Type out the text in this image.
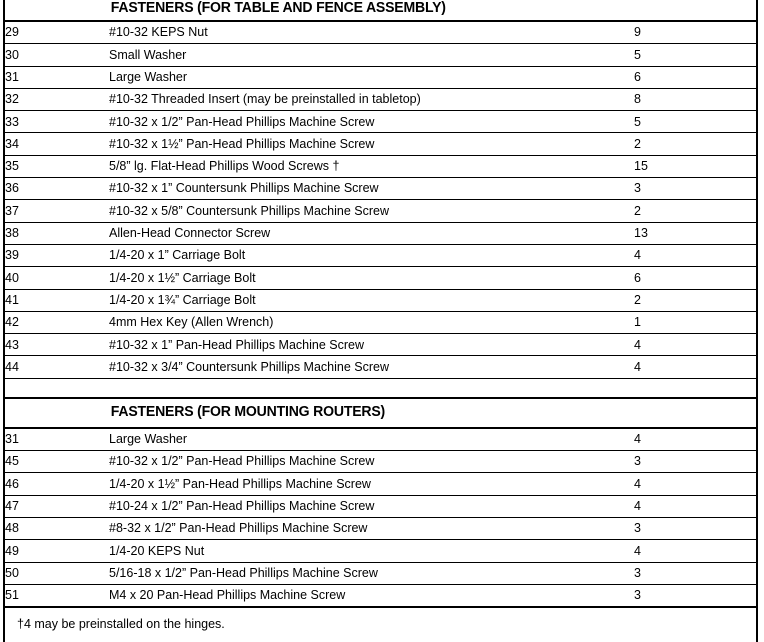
FASTENERS (FOR TABLE AND FENCE ASSEMBLY)		

29	#10-32 KEPS Nut	9
30	Small Washer	5
31	Large Washer	6
32	#10-32 Threaded Insert (may be preinstalled in tabletop)	8
33	#10-32 x 1/2” Pan-Head Phillips Machine Screw	5
34	#10-32 x 1½” Pan-Head Phillips Machine Screw	2
35	5/8” lg. Flat-Head Phillips Wood Screws †	15
36	#10-32 x 1” Countersunk Phillips Machine Screw	3
37	#10-32 x 5/8” Countersunk Phillips Machine Screw	2
38	Allen-Head Connector Screw	13
39	1/4-20 x 1” Carriage Bolt	4
40	1/4-20 x 1½” Carriage Bolt	6
41	1/4-20 x 1¾” Carriage Bolt	2
42	4mm Hex Key (Allen Wrench)	1
43	#10-32 x 1” Pan-Head Phillips Machine Screw	4
44	#10-32 x 3/4” Countersunk Phillips Machine Screw	4

FASTENERS (FOR MOUNTING ROUTERS)		

31	Large Washer	4
45	#10-32 x 1/2” Pan-Head Phillips Machine Screw	3
46	1/4-20 x 1½” Pan-Head Phillips Machine Screw	4
47	#10-24 x 1/2” Pan-Head Phillips Machine Screw	4
48	#8-32 x 1/2” Pan-Head Phillips Machine Screw	3
49	1/4-20 KEPS Nut	4
50	5/16-18 x 1/2” Pan-Head Phillips Machine Screw	3
51	M4 x 20 Pan-Head Phillips Machine Screw	3

†4 may be preinstalled on the hinges.		
